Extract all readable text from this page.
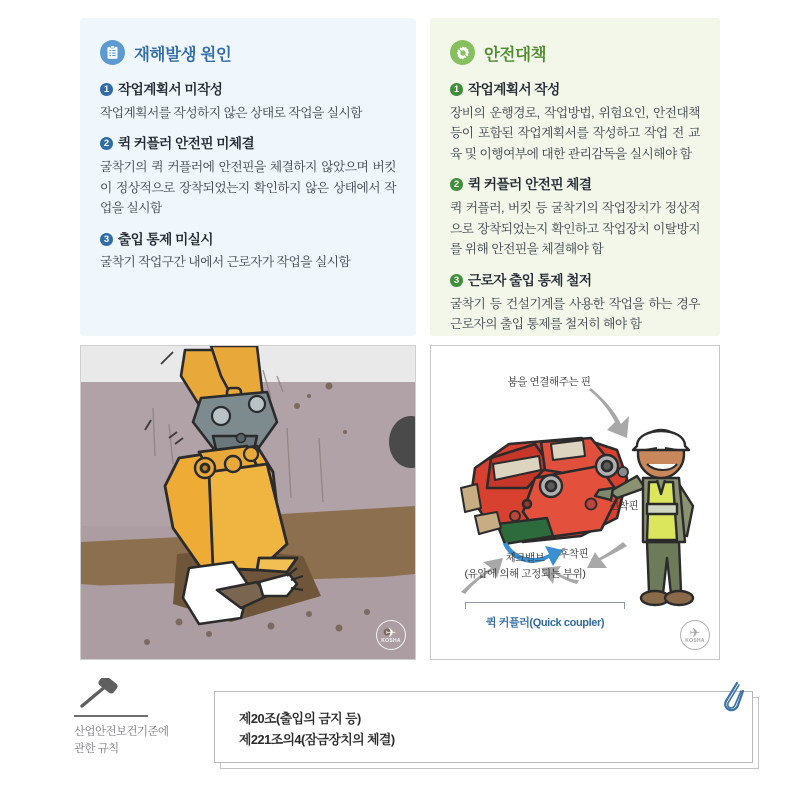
재해발생 원인
1 작업계획서 미작성

작업계획서를 작성하지 않은 상태로 작업을 실시함

2 퀵 커플러 안전핀 미체결

굴착기의 퀵 커플러에 안전핀을 체결하지 않았으며 버킷이 정상적으로 장착되었는지 확인하지 않은 상태에서 작업을 실시함

3 출입 통제 미실시

굴착기 작업구간 내에서 근로자가 작업을 실시함

안전대책
1 작업계획서 작성

장비의 운행경로, 작업방법, 위험요인, 안전대책 등이 포함된 작업계획서를 작성하고 작업 전 교육 및 이행여부에 대한 관리감독을 실시해야 함

2 퀵 커플러 안전핀 체결

퀵 커플러, 버킷 등 굴착기의 작업장치가 정상적으로 장착되었는지 확인하고 작업장치 이탈방지를 위해 안전핀을 체결해야 함

3 근로자 출입 통제 철저

굴착기 등 건설기계를 사용한 작업을 하는 경우 근로자의 출입 통제를 철저히 해야 함

✈
KOSHA
붐을 연결해주는 핀
전착핀
후착핀
체크밸브
(유압에 의해 고정되는 부위)
퀵 커플러(Quick coupler)
✈
KOSHA
산업안전보건기준에
관한 규칙
제20조(출입의 금지 등)
제221조의4(잠금장치의 체결)
